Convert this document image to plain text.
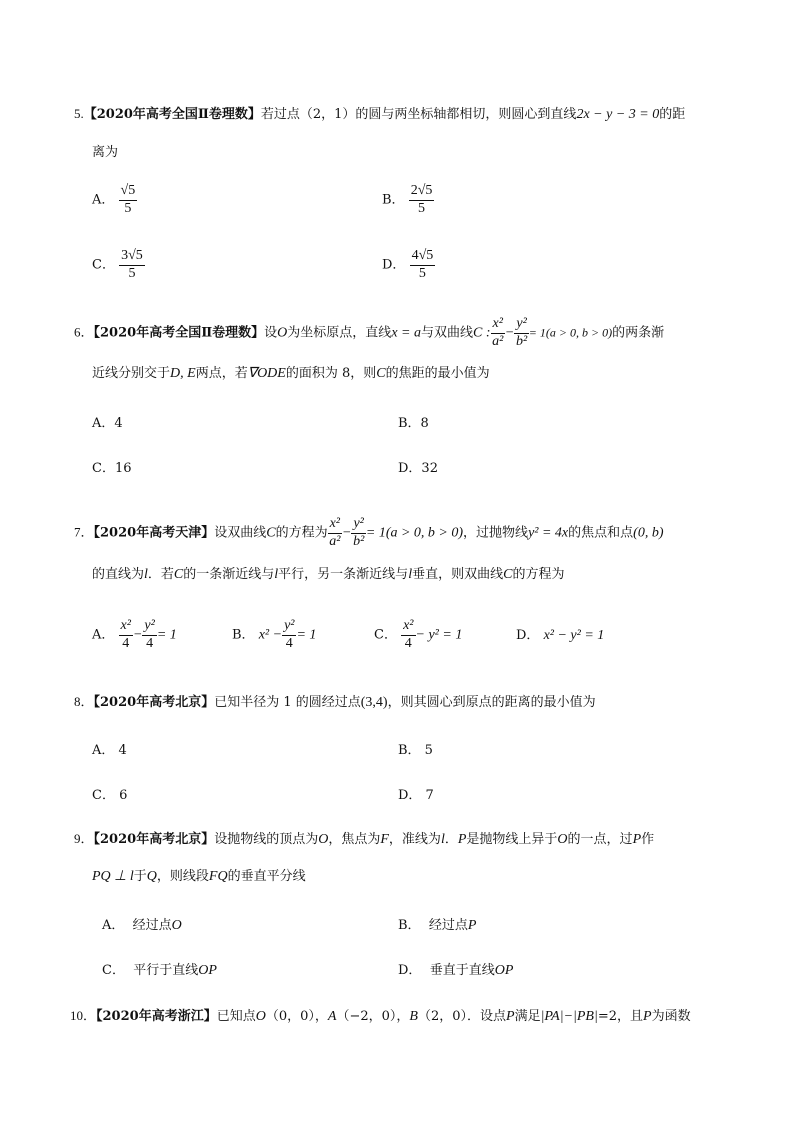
5.【2020年高考全国Ⅱ卷理数】若过点（2，1）的圆与两坐标轴都相切，则圆心到直线2x − y − 3 = 0的距
离为
A． $\frac{√5}{5}$	B． $\frac{2√5}{5}$
C． $\frac{3√5}{5}$	D． $\frac{4√5}{5}$
6．【2020年高考全国Ⅱ卷理数】设O为坐标原点，直线x = a与双曲线C : $\frac{\text{x²}}{\text{a²}} - \frac{\text{y²}}{\text{b²}} = 1(a > 0$, b > 0)的两条渐
近线分别交于D, E两点，若∇ODE的面积为 8，则C的焦距的最小值为
A．4	B．8
C．16	D．32
7．【2020年高考天津】设双曲线C的方程为 $\frac{\text{x²}}{\text{a²}} - \frac{\text{y²}}{\text{b²}} = 1(a > 0$, b > 0)，过抛物线y² = 4x的焦点和点(0, b)
的直线为l．若C的一条渐近线与l平行，另一条渐近线与l垂直，则双曲线C的方程为
A． $\frac{\text{x²}}{4} - \frac{\text{y²}}{4} = 1$	B． $x^2 - \frac{\text{y²}}{4} = 1$	C． $\frac{\text{x²}}{4} - y^2 = 1$	D． x² − y² = 1
8．【2020年高考北京】已知半径为 1 的圆经过点(3,4)，则其圆心到原点的距离的最小值为
A． 4	B． 5
C． 6	D． 7
9．【2020年高考北京】设抛物线的顶点为O，焦点为F，准线为l．P是抛物线上异于O的一点，过P作
PQ ⊥ l于Q，则线段FQ的垂直平分线
A． 经过点O	B． 经过点P
C． 平行于直线OP	D． 垂直于直线OP
10．【2020年高考浙江】已知点O（0，0），A（−2，0），B（2，0）．设点P满足|PA|−|PB|=2，且P为函数
